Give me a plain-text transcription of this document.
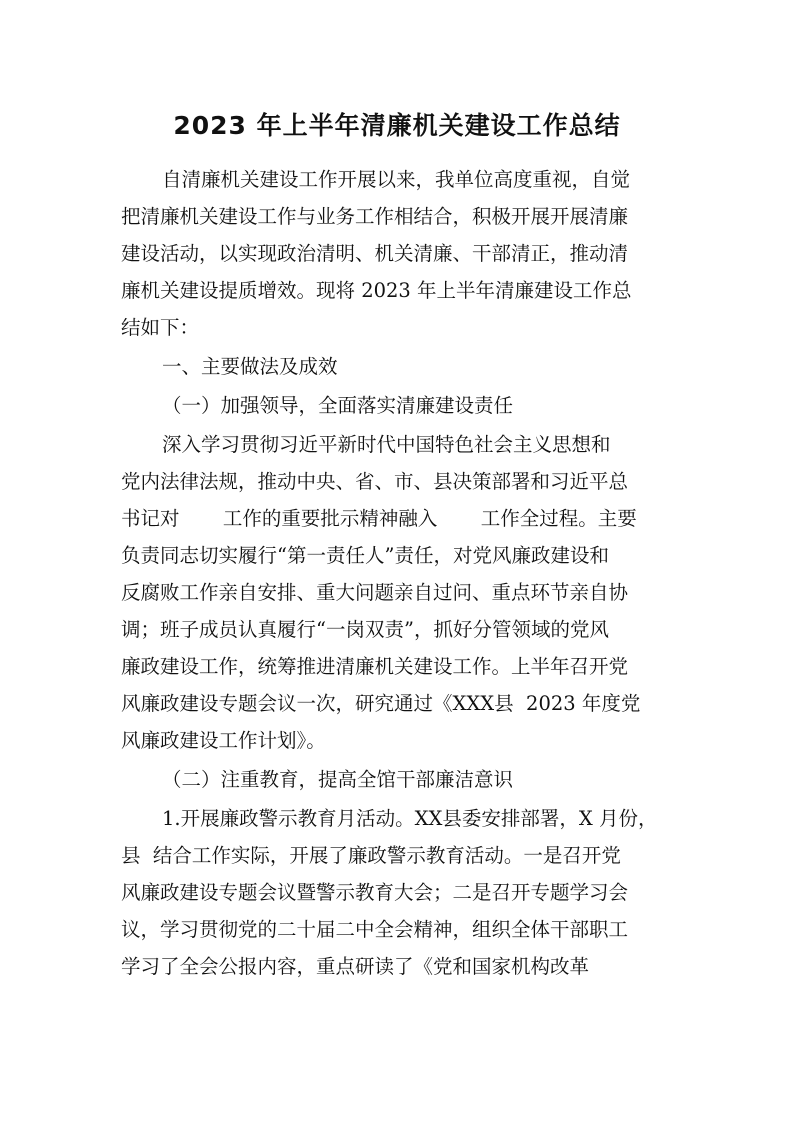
2023 年上半年清廉机关建设工作总结

自清廉机关建设工作开展以来，我单位高度重视，自觉

把清廉机关建设工作与业务工作相结合，积极开展开展清廉

建设活动，以实现政治清明、机关清廉、干部清正，推动清

廉机关建设提质增效。现将 2023 年上半年清廉建设工作总

结如下：

一、主要做法及成效

（一）加强领导，全面落实清廉建设责任

深入学习贯彻习近平新时代中国特色社会主义思想和

党内法律法规，推动中央、省、市、县决策部署和习近平总

书记对       工作的重要批示精神融入       工作全过程。主要

负责同志切实履行“第一责任人”责任，对党风廉政建设和

反腐败工作亲自安排、重大问题亲自过问、重点环节亲自协

调；班子成员认真履行“一岗双责”，抓好分管领域的党风

廉政建设工作，统筹推进清廉机关建设工作。上半年召开党

风廉政建设专题会议一次，研究通过《XXX县  2023 年度党

风廉政建设工作计划》。

（二）注重教育，提高全馆干部廉洁意识

1.开展廉政警示教育月活动。XX县委安排部署，X 月份，

县  结合工作实际，开展了廉政警示教育活动。一是召开党

风廉政建设专题会议暨警示教育大会；二是召开专题学习会

议，学习贯彻党的二十届二中全会精神，组织全体干部职工

学习了全会公报内容，重点研读了《党和国家机构改革
